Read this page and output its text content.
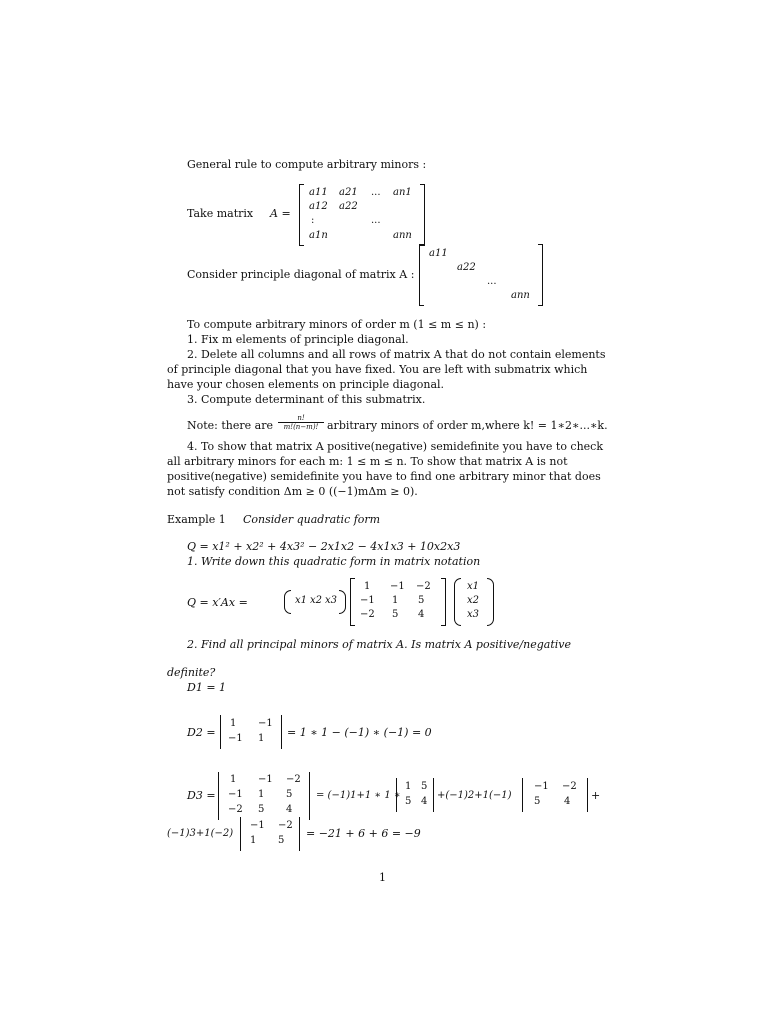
General rule to compute arbitrary minors :
Take matrix A =
a11 a21 ... an1
a12 a22
:	...
a1n	ann
Consider principle diagonal of matrix A :
a11
a22
...
ann
To compute arbitrary minors of order m (1 ≤ m ≤ n) :
1. Fix m elements of principle diagonal.
2. Delete all columns and all rows of matrix A that do not contain elements
of principle diagonal that you have fixed. You are left with submatrix which
have your chosen elements on principle diagonal.
3. Compute determinant of this submatrix.
Note: there are $\frac{n!}{m!(n-m)!}$ arbitrary minors of order m,where k! = 1∗2∗...∗k.
4. To show that matrix A positive(negative) semidefinite you have to check
all arbitrary minors for each m: 1 ≤ m ≤ n. To show that matrix A is not
positive(negative) semidefinite you have to find one arbitrary minor that does
not satisfy condition Δm ≥ 0 ((−1)mΔm ≥ 0).
Example 1 Consider quadratic form
Q = x1² + x2² + 4x3² − 2x1x2 − 4x1x3 + 10x2x3
1. Write down this quadratic form in matrix notation
Q = x′Ax =	x1 x2 x3
1 −1 −2
−1 1 5
−2 5 4
x1
x2
x3
2. Find all principal minors of matrix A. Is matrix A positive/negative
definite?
D1 = 1
D2 =
1 −1
−1 1 = 1 ∗ 1 − (−1) ∗ (−1) = 0
D3 =
1 −1 −2
−1 1 5
−2 5 4
= (−1)1+1 ∗ 1 ∗
1 5
5 4
+(−1)2+1(−1)
−1 −2
5 4 +
(−1)3+1(−2)
−1 −2
1 5
= −21 + 6 + 6 = −9
1
